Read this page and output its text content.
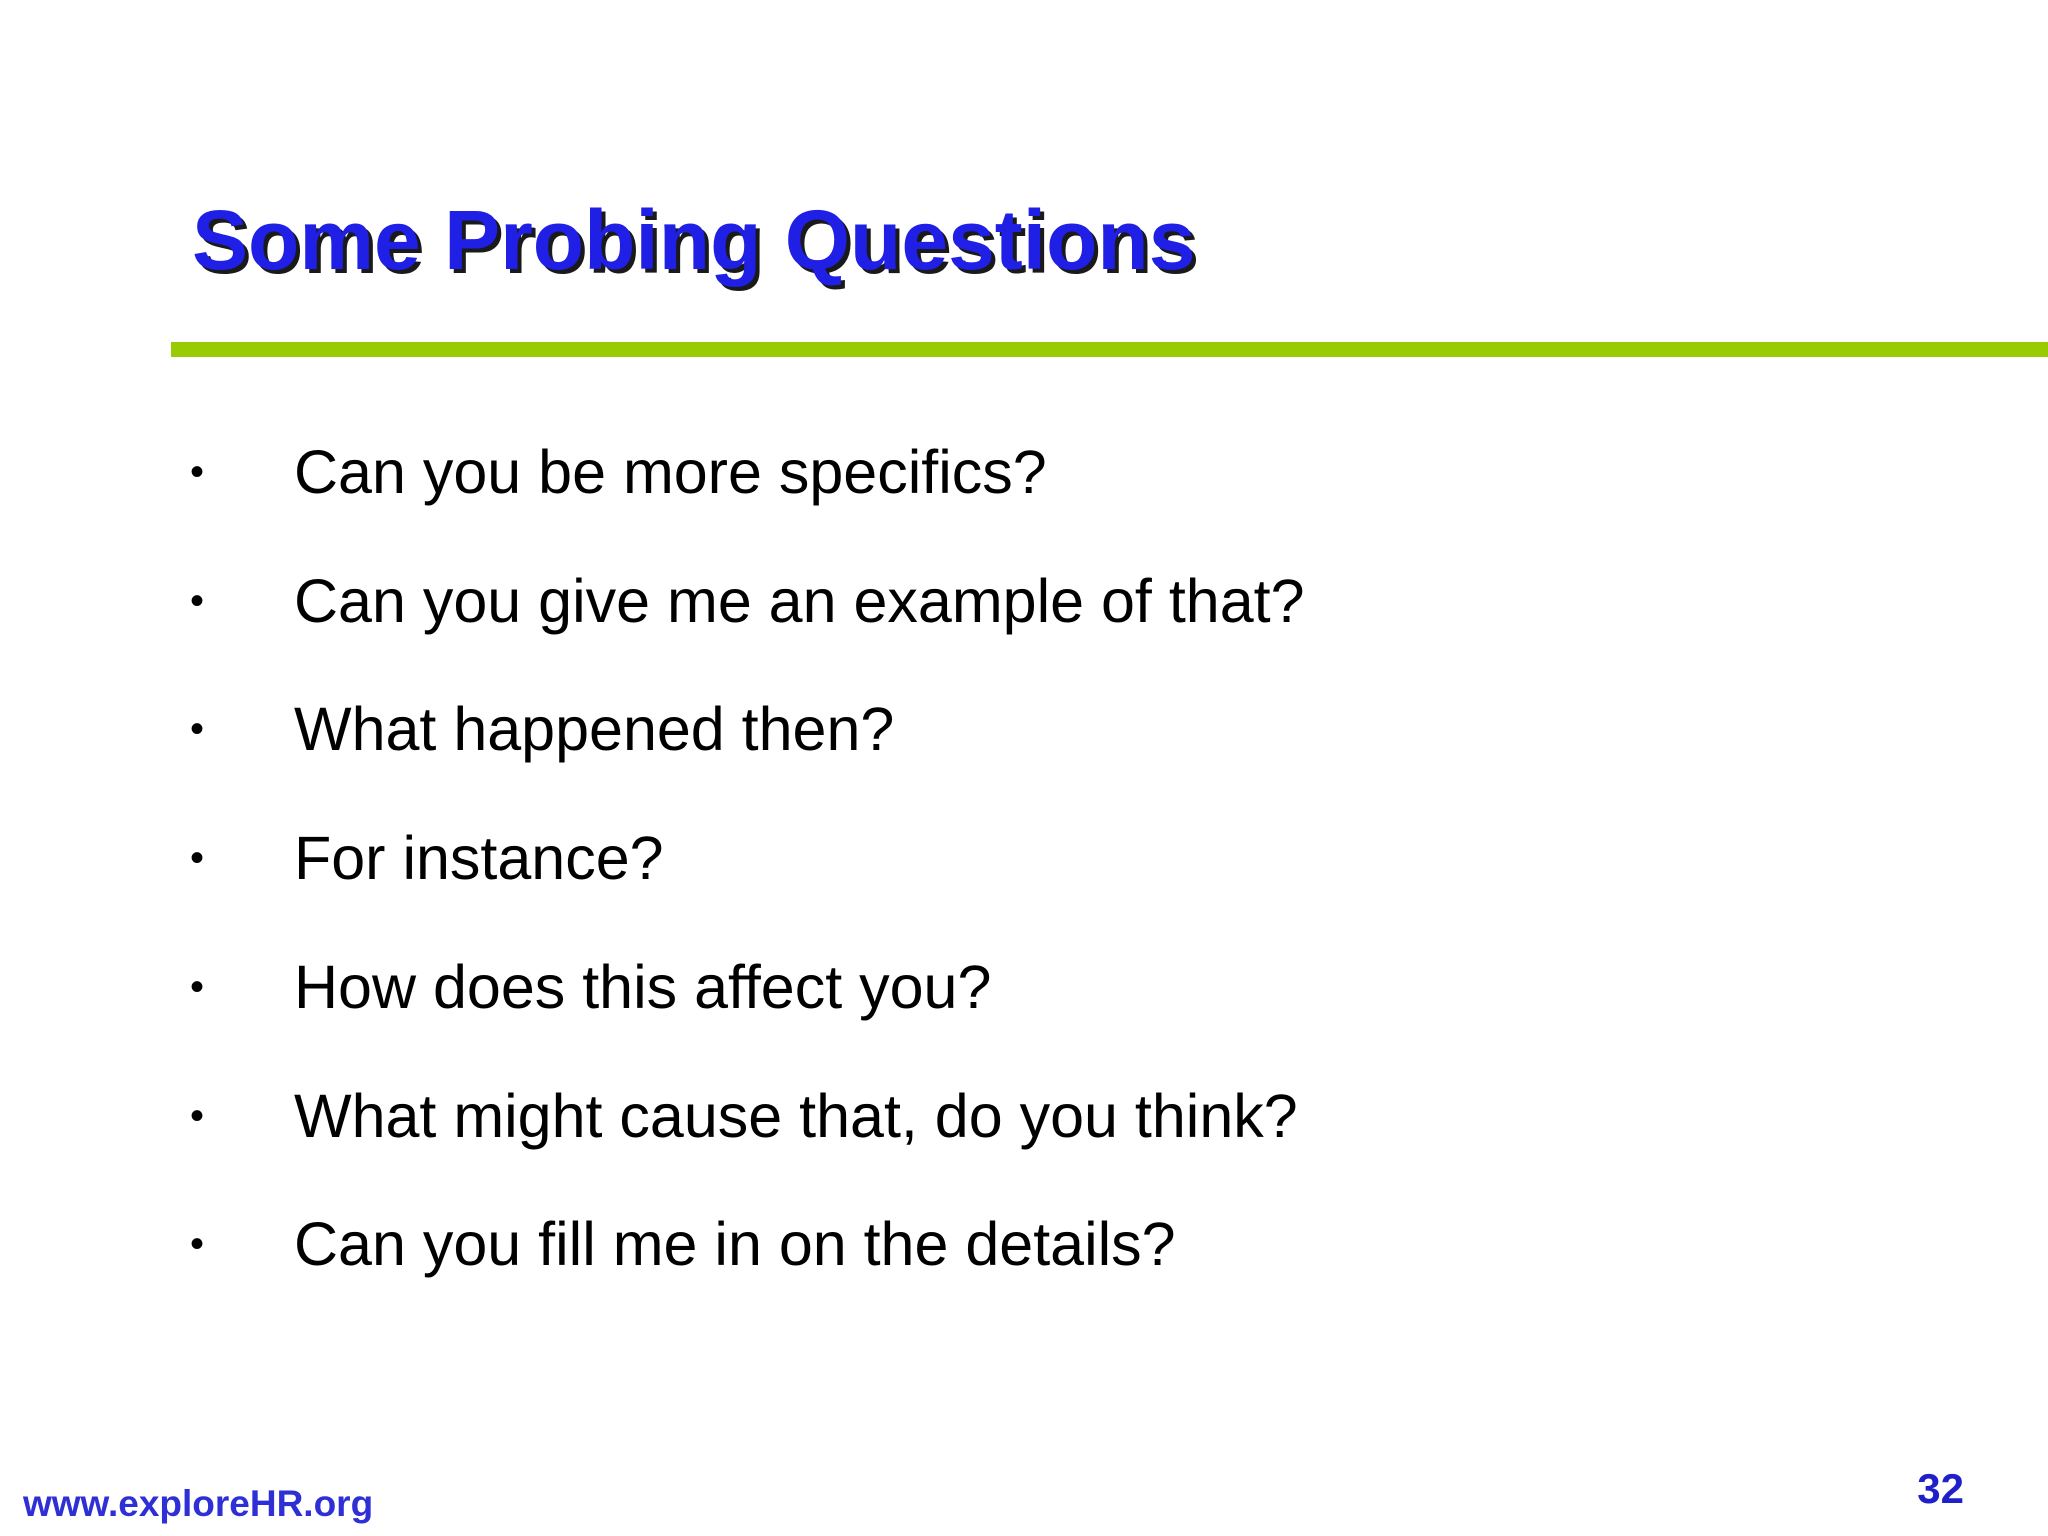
Some Probing Questions
•	Can you be more specifics?
•	Can you give me an example of that?
•	What happened then?
•	For instance?
•	How does this affect you?
•	What might cause that, do you think?
•	Can you fill me in on the details?
www.exploreHR.org	32
